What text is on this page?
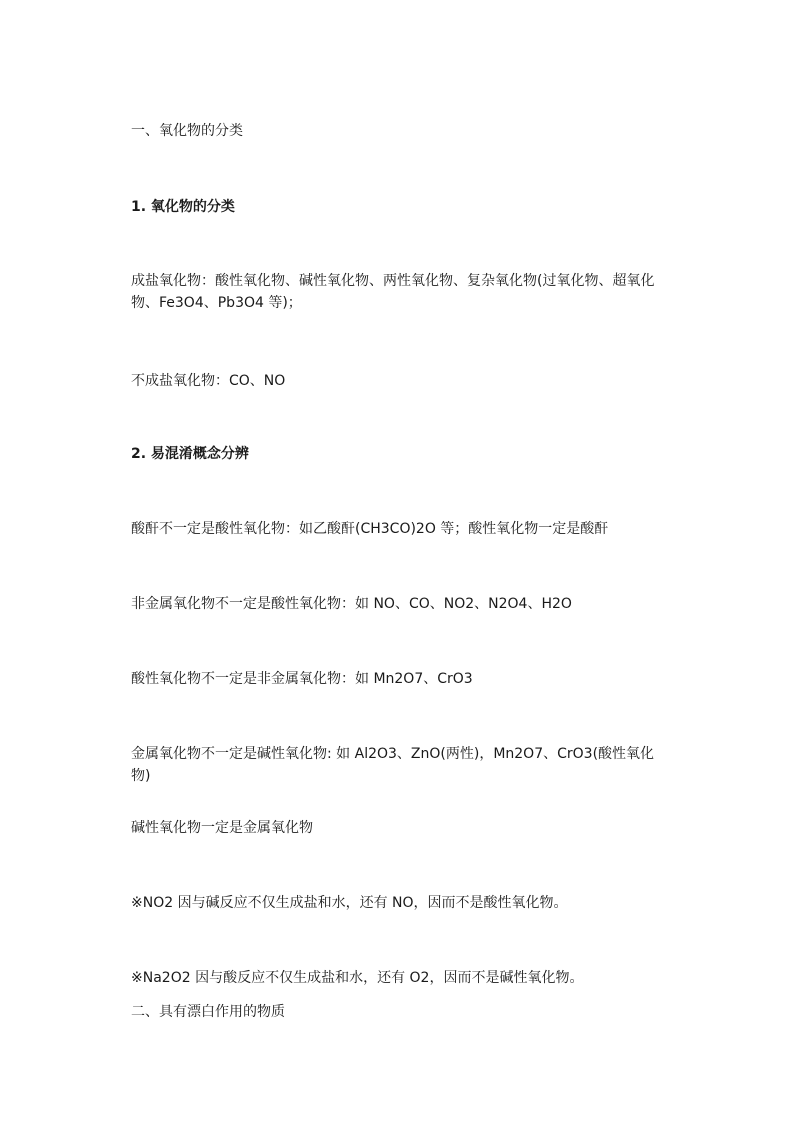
一、氧化物的分类
1. 氧化物的分类
成盐氧化物：酸性氧化物、碱性氧化物、两性氧化物、复杂氧化物(过氧化物、超氧化物、Fe3O4、Pb3O4 等)；
不成盐氧化物：CO、NO
2. 易混淆概念分辨
酸酐不一定是酸性氧化物：如乙酸酐(CH3CO)2O 等；酸性氧化物一定是酸酐
非金属氧化物不一定是酸性氧化物：如 NO、CO、NO2、N2O4、H2O
酸性氧化物不一定是非金属氧化物：如 Mn2O7、CrO3
金属氧化物不一定是碱性氧化物: 如 Al2O3、ZnO(两性)，Mn2O7、CrO3(酸性氧化物)
碱性氧化物一定是金属氧化物
※NO2 因与碱反应不仅生成盐和水，还有 NO，因而不是酸性氧化物。
※Na2O2 因与酸反应不仅生成盐和水，还有 O2，因而不是碱性氧化物。
二、具有漂白作用的物质
